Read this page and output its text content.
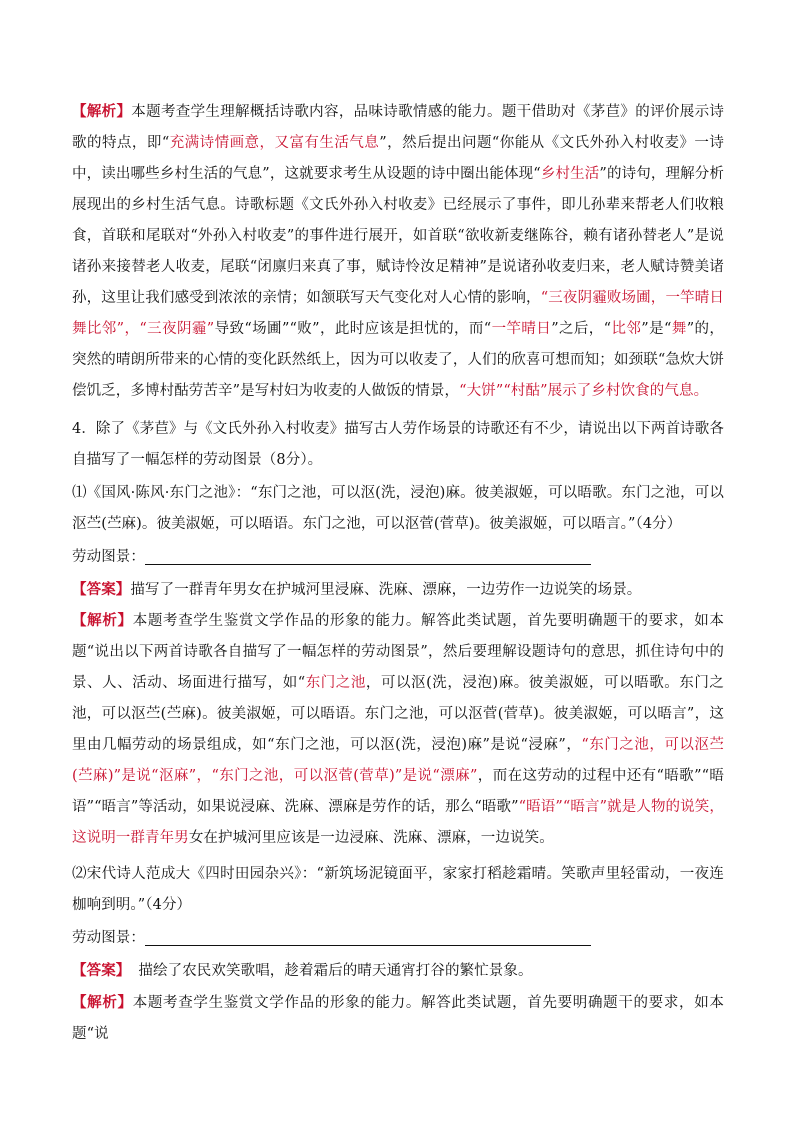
【解析】本题考查学生理解概括诗歌内容，品味诗歌情感的能力。题干借助对《茅苣》的评价展示诗歌的特点，即“充满诗情画意，又富有生活气息”，然后提出问题“你能从《文氏外孙入村收麦》一诗中，读出哪些乡村生活的气息”，这就要求考生从设题的诗中圈出能体现“乡村生活”的诗句，理解分析展现出的乡村生活气息。诗歌标题《文氏外孙入村收麦》已经展示了事件，即儿孙辈来帮老人们收粮食，首联和尾联对“外孙入村收麦”的事件进行展开，如首联“欲收新麦继陈谷，赖有诸孙替老人”是说诸孙来接替老人收麦，尾联“闭廪归来真了事，赋诗怜汝足精神”是说诸孙收麦归来，老人赋诗赞美诸孙，这里让我们感受到浓浓的亲情；如颔联写天气变化对人心情的影响，“三夜阴霾败场圃，一竿晴日舞比邻”，“三夜阴霾”导致“场圃”“败”，此时应该是担忧的，而“一竿晴日”之后，“比邻”是“舞”的，突然的晴朗所带来的心情的变化跃然纸上，因为可以收麦了，人们的欣喜可想而知；如颈联“急炊大饼偿饥乏，多博村酤劳苦辛”是写村妇为收麦的人做饭的情景，“大饼”“村酤”展示了乡村饮食的气息。
4．除了《茅苣》与《文氏外孙入村收麦》描写古人劳作场景的诗歌还有不少，请说出以下两首诗歌各自描写了一幅怎样的劳动图景（8分）。
⑴《国风·陈风·东门之池》：“东门之池，可以沤(洗，浸泡)麻。彼美淑姬，可以晤歌。东门之池，可以沤苎(苎麻)。彼美淑姬，可以晤语。东门之池，可以沤菅(菅草)。彼美淑姬，可以晤言。”（4分）
劳动图景：
【答案】描写了一群青年男女在护城河里浸麻、洗麻、漂麻，一边劳作一边说笑的场景。
【解析】本题考查学生鉴赏文学作品的形象的能力。解答此类试题，首先要明确题干的要求，如本题“说出以下两首诗歌各自描写了一幅怎样的劳动图景”，然后要理解设题诗句的意思，抓住诗句中的景、人、活动、场面进行描写，如“东门之池，可以沤(洗，浸泡)麻。彼美淑姬，可以晤歌。东门之池，可以沤苎(苎麻)。彼美淑姬，可以晤语。东门之池，可以沤菅(菅草)。彼美淑姬，可以晤言”，这里由几幅劳动的场景组成，如“东门之池，可以沤(洗，浸泡)麻”是说“浸麻”，“东门之池，可以沤苎(苎麻)”是说“沤麻”，“东门之池，可以沤菅(菅草)”是说“漂麻”，而在这劳动的过程中还有“晤歌”“晤语”“晤言”等活动，如果说浸麻、洗麻、漂麻是劳作的话，那么“晤歌”“晤语”“晤言”就是人物的说笑，这说明一群青年男女在护城河里应该是一边浸麻、洗麻、漂麻，一边说笑。
⑵宋代诗人范成大《四时田园杂兴》：“新筑场泥镜面平，家家打稻趁霜晴。笑歌声里轻雷动，一夜连枷响到明。”（4分）
劳动图景：
【答案】 描绘了农民欢笑歌唱，趁着霜后的晴天通宵打谷的繁忙景象。
【解析】本题考查学生鉴赏文学作品的形象的能力。解答此类试题，首先要明确题干的要求，如本题“说
